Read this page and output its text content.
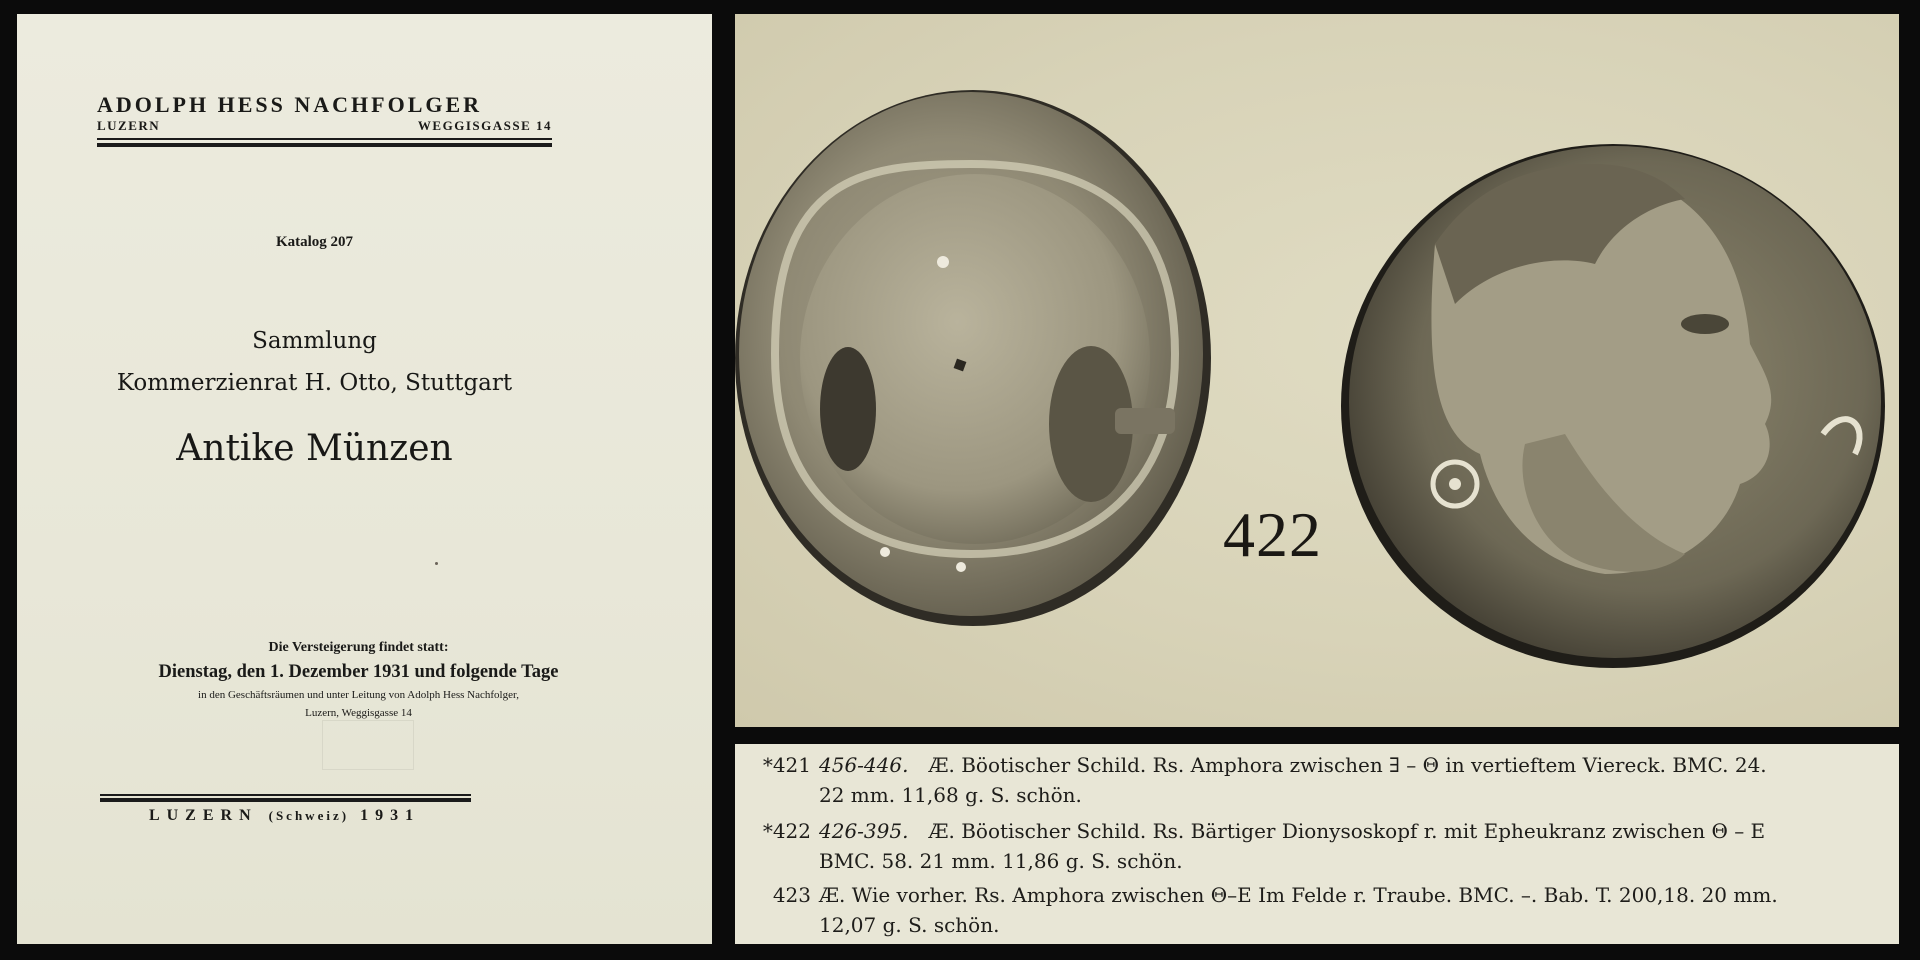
ADOLPH HESS NACHFOLGER
LUZERN	WEGGISGASSE 14
Katalog 207
Sammlung
Kommerzienrat H. Otto, Stuttgart
Antike Münzen
Die Versteigerung findet statt:
Dienstag, den 1. Dezember 1931 und folgende Tage
in den Geschäftsräumen und unter Leitung von Adolph Hess Nachfolger,
Luzern, Weggisgasse 14
LUZERN (Schweiz) 1931
422
*421 456-446.  Æ. Böotischer Schild. Rs. Amphora zwischen ∃ – Θ in vertieftem Viereck. BMC. 24.
22 mm. 11,68 g. S. schön.
*422 426-395.  Æ. Böotischer Schild. Rs. Bärtiger Dionysoskopf r. mit Epheukranz zwischen Θ – E
BMC. 58. 21 mm. 11,86 g. S. schön.
423 Æ. Wie vorher. Rs. Amphora zwischen Θ–E Im Felde r. Traube. BMC. –. Bab. T. 200,18. 20 mm.
12,07 g. S. schön.
